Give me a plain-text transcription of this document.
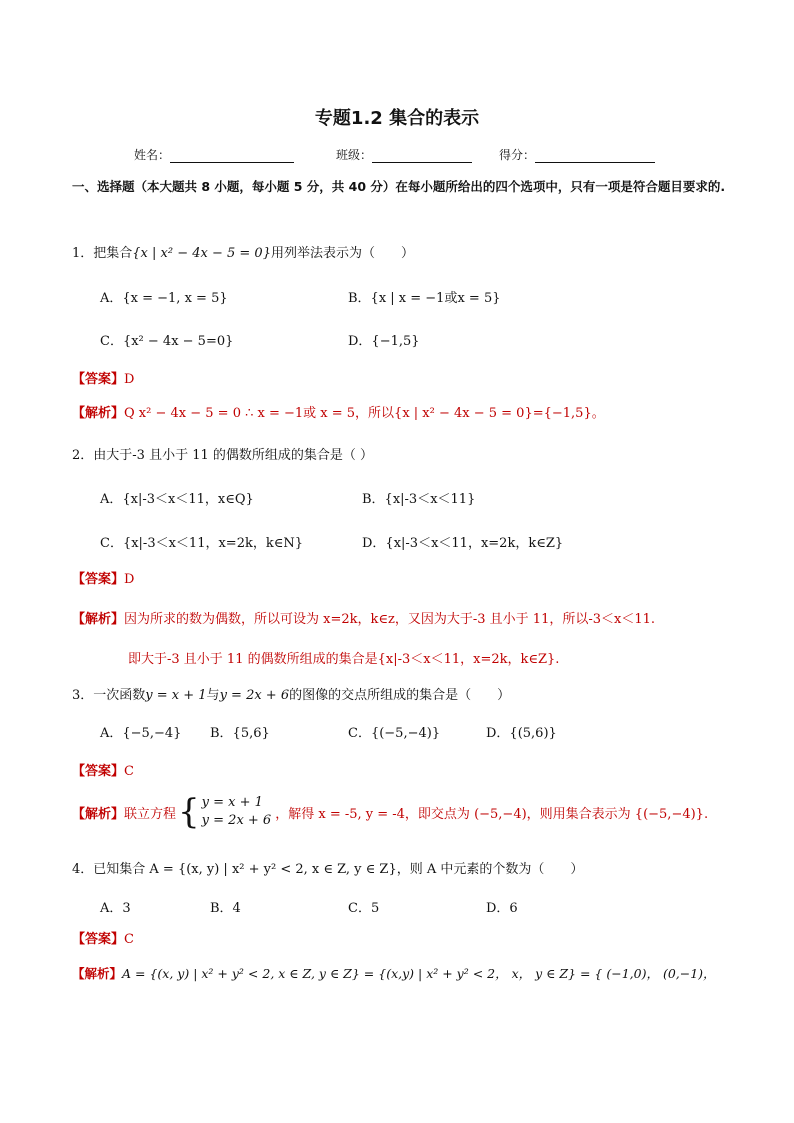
专题1.2 集合的表示
姓名：	班级：	得分：
一、选择题（本大题共 8 小题，每小题 5 分，共 40 分）在每小题所给出的四个选项中，只有一项是符合题目要求的.
1．把集合{x | x² − 4x − 5 = 0}用列举法表示为（　　）
A．{x = −1, x = 5}	B．{x | x = −1或x = 5}
C．{x² − 4x − 5=0}	D．{−1,5}
【答案】D
【解析】Q x² − 4x − 5 = 0 ∴ x = −1或 x = 5，所以{x | x² − 4x − 5 = 0}={−1,5}。
2．由大于-3 且小于 11 的偶数所组成的集合是（ ）
A．{x|-3＜x＜11，x∈Q}	B．{x|-3＜x＜11}
C．{x|-3＜x＜11，x=2k，k∈N}	D．{x|-3＜x＜11，x=2k，k∈Z}
【答案】D
【解析】因为所求的数为偶数，所以可设为 x=2k，k∈z，又因为大于-3 且小于 11，所以-3＜x＜11.
即大于-3 且小于 11 的偶数所组成的集合是{x|-3＜x＜11，x=2k，k∈Z}.
3．一次函数y = x + 1与y = 2x + 6的图像的交点所组成的集合是（　　）
A．{−5,−4} B．{5,6}	C．{(−5,−4)}	D．{(5,6)}
【答案】C
【解析】 联立方程 { y = x + 1
y = 2x + 6 ，解得 x = -5, y = -4，即交点为 (−5,−4)，则用集合表示为 {(−5,−4)}.
4．已知集合 A = {(x, y) | x² + y² < 2, x ∈ Z, y ∈ Z}，则 A 中元素的个数为（　　）
A．3	B．4	C．5	D．6
【答案】C
【解析】A = {(x, y) | x² + y² < 2, x ∈ Z, y ∈ Z} = {(x,y) | x² + y² < 2， x， y ∈ Z} = { (−1,0)， (0,−1)，
